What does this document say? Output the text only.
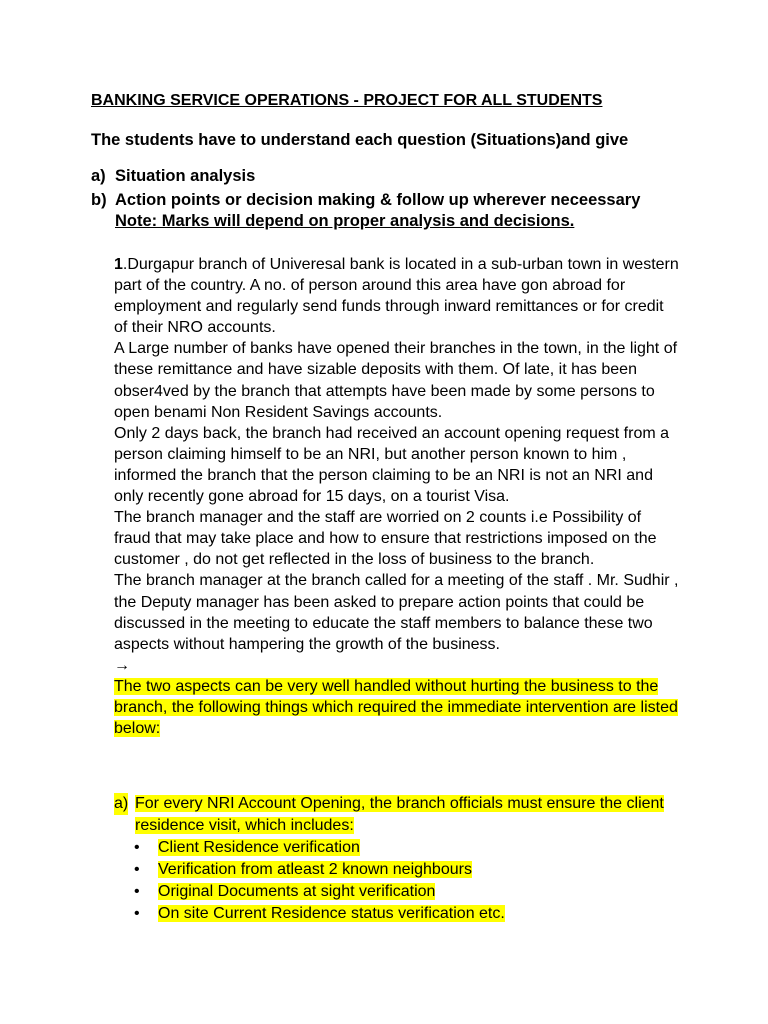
BANKING SERVICE OPERATIONS - PROJECT FOR ALL STUDENTS
The students have to understand each question (Situations)and give
a) Situation analysis
b) Action points or decision making & follow up wherever neceessary
Note: Marks will depend on proper analysis and decisions.

1.Durgapur branch of Univeresal bank is located in a sub-urban town in western part of the country. A no. of person around this area have gon abroad for employment and regularly send funds through inward remittances or for credit of their NRO accounts.

A Large number of banks have opened their branches in the town, in the light of these remittance and have sizable deposits with them. Of late, it has been obser4ved by the branch that attempts have been made by some persons to open benami Non Resident Savings accounts.

Only 2 days back, the branch had received an account opening request from a person claiming himself to be an NRI, but another person known to him , informed the branch that the person claiming to be an NRI is not an NRI and only recently gone abroad for 15 days, on a tourist Visa.

The branch manager and the staff are worried on 2 counts i.e Possibility of fraud that may take place and how to ensure that restrictions imposed on the customer , do not get reflected in the loss of business to the branch.

The branch manager at the branch called for a meeting of the staff . Mr. Sudhir , the Deputy manager has been asked to prepare action points that could be discussed in the meeting to educate the staff members to balance these two aspects without hampering the growth of the business.

→

The two aspects can be very well handled without hurting the business to the branch, the following things which required the immediate intervention are listed below:

a) For every NRI Account Opening, the branch officials must ensure the client residence visit, which includes:
• Client Residence verification
• Verification from atleast 2 known neighbours
• Original Documents at sight verification
• On site Current Residence status verification etc.
